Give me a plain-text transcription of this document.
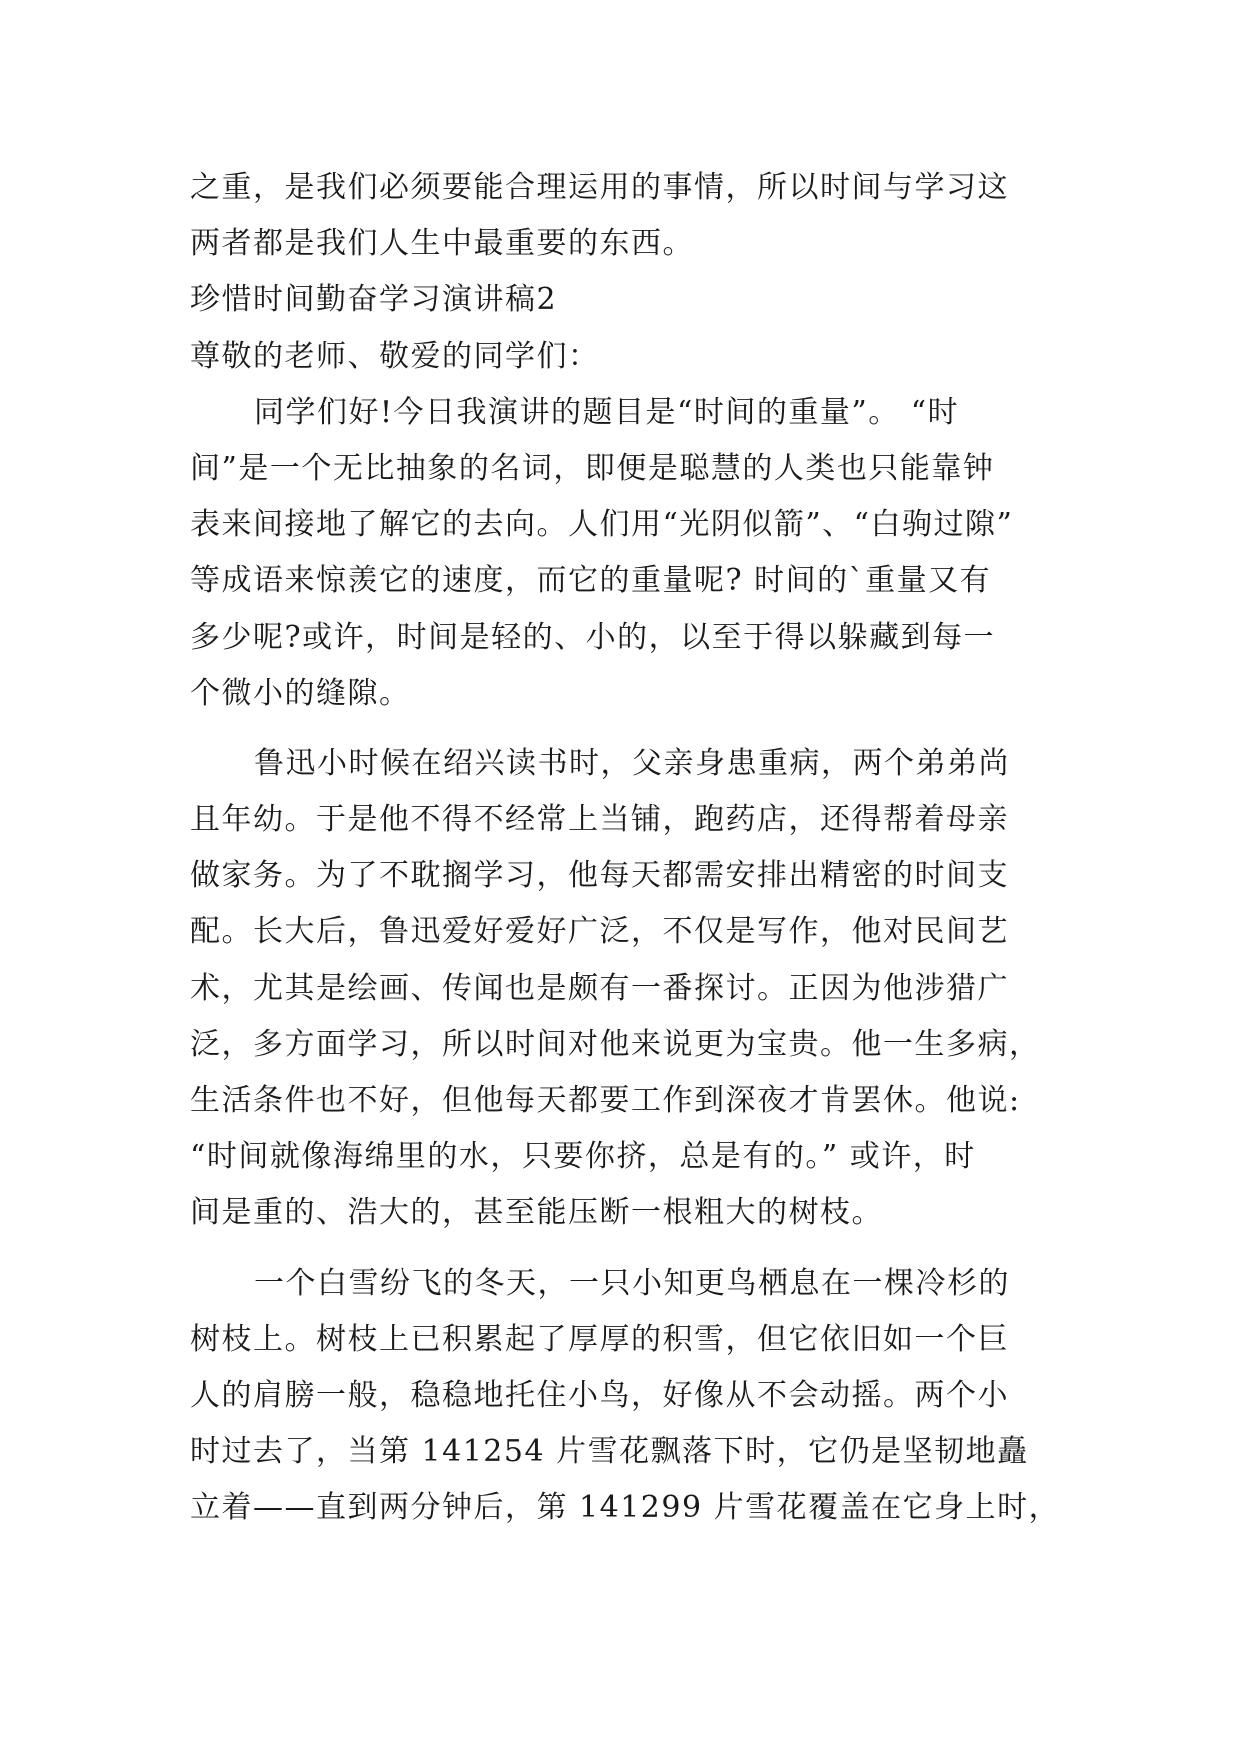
之重，是我们必须要能合理运用的事情，所以时间与学习这
两者都是我们人生中最重要的东西。
珍惜时间勤奋学习演讲稿2
尊敬的老师、敬爱的同学们：
同学们好!今日我演讲的题目是“时间的重量”。 “时
间”是一个无比抽象的名词，即便是聪慧的人类也只能靠钟
表来间接地了解它的去向。人们用“光阴似箭”、“白驹过隙”
等成语来惊羡它的速度，而它的重量呢? 时间的`重量又有
多少呢?或许，时间是轻的、小的，以至于得以躲藏到每一
个微小的缝隙。
鲁迅小时候在绍兴读书时，父亲身患重病，两个弟弟尚
且年幼。于是他不得不经常上当铺，跑药店，还得帮着母亲
做家务。为了不耽搁学习，他每天都需安排出精密的时间支
配。长大后，鲁迅爱好爱好广泛，不仅是写作，他对民间艺
术，尤其是绘画、传闻也是颇有一番探讨。正因为他涉猎广
泛，多方面学习，所以时间对他来说更为宝贵。他一生多病，
生活条件也不好，但他每天都要工作到深夜才肯罢休。他说:
“时间就像海绵里的水，只要你挤，总是有的。” 或许，时
间是重的、浩大的，甚至能压断一根粗大的树枝。
一个白雪纷飞的冬天，一只小知更鸟栖息在一棵冷杉的
树枝上。树枝上已积累起了厚厚的积雪，但它依旧如一个巨
人的肩膀一般，稳稳地托住小鸟，好像从不会动摇。两个小
时过去了，当第 141254 片雪花飘落下时，它仍是坚韧地矗
立着——直到两分钟后，第 141299 片雪花覆盖在它身上时，
